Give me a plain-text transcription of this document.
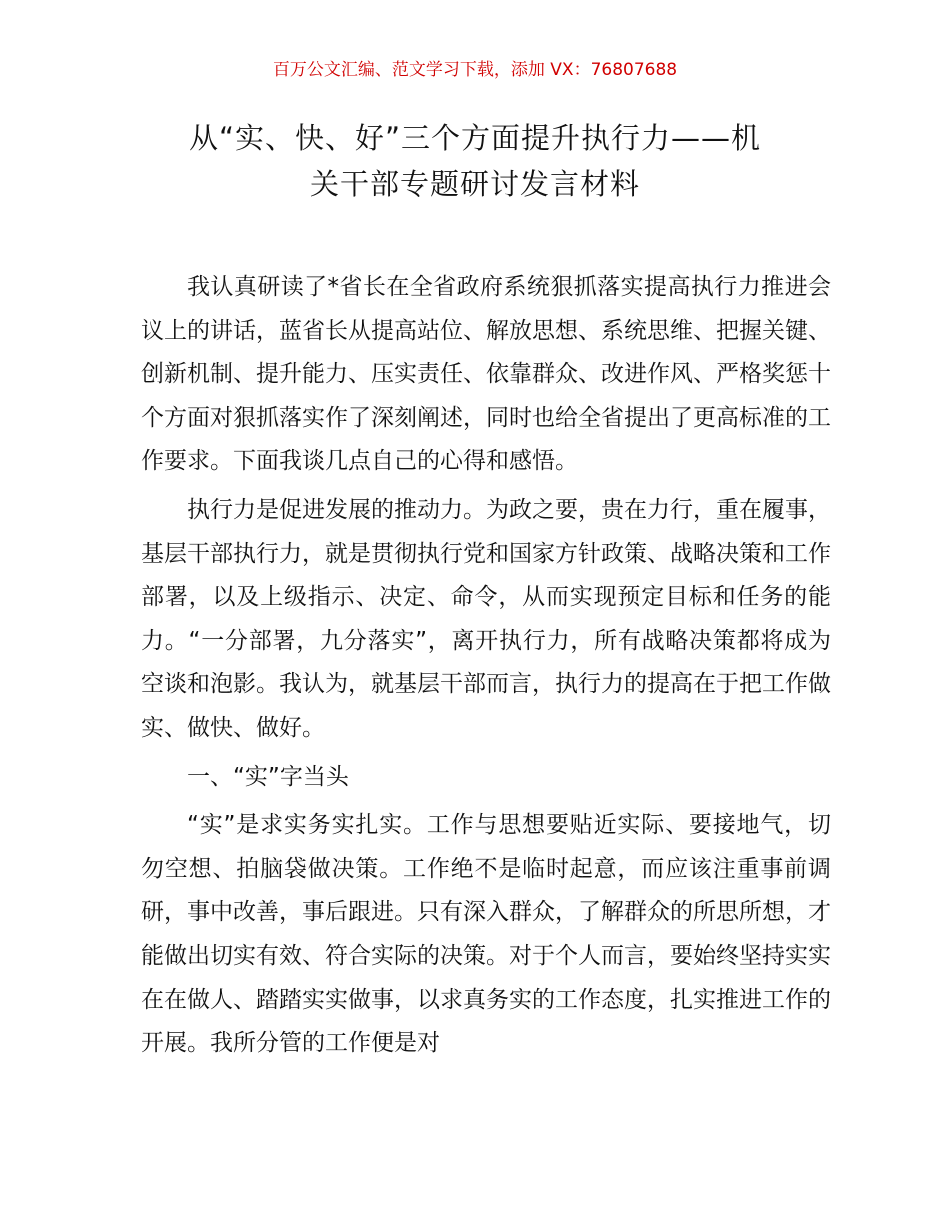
百万公文汇编、范文学习下载，添加 VX：76807688
从“实、快、好”三个方面提升执行力——机
关干部专题研讨发言材料

我认真研读了*省长在全省政府系统狠抓落实提高执行力推进会议上的讲话，蓝省长从提高站位、解放思想、系统思维、把握关键、创新机制、提升能力、压实责任、依靠群众、改进作风、严格奖惩十个方面对狠抓落实作了深刻阐述，同时也给全省提出了更高标准的工作要求。下面我谈几点自己的心得和感悟。

执行力是促进发展的推动力。为政之要，贵在力行，重在履事，基层干部执行力，就是贯彻执行党和国家方针政策、战略决策和工作部署，以及上级指示、决定、命令，从而实现预定目标和任务的能力。“一分部署，九分落实”，离开执行力，所有战略决策都将成为空谈和泡影。我认为，就基层干部而言，执行力的提高在于把工作做实、做快、做好。

一、“实”字当头

“实”是求实务实扎实。工作与思想要贴近实际、要接地气，切勿空想、拍脑袋做决策。工作绝不是临时起意，而应该注重事前调研，事中改善，事后跟进。只有深入群众，了解群众的所思所想，才能做出切实有效、符合实际的决策。对于个人而言，要始终坚持实实在在做人、踏踏实实做事，以求真务实的工作态度，扎实推进工作的开展。我所分管的工作便是对
